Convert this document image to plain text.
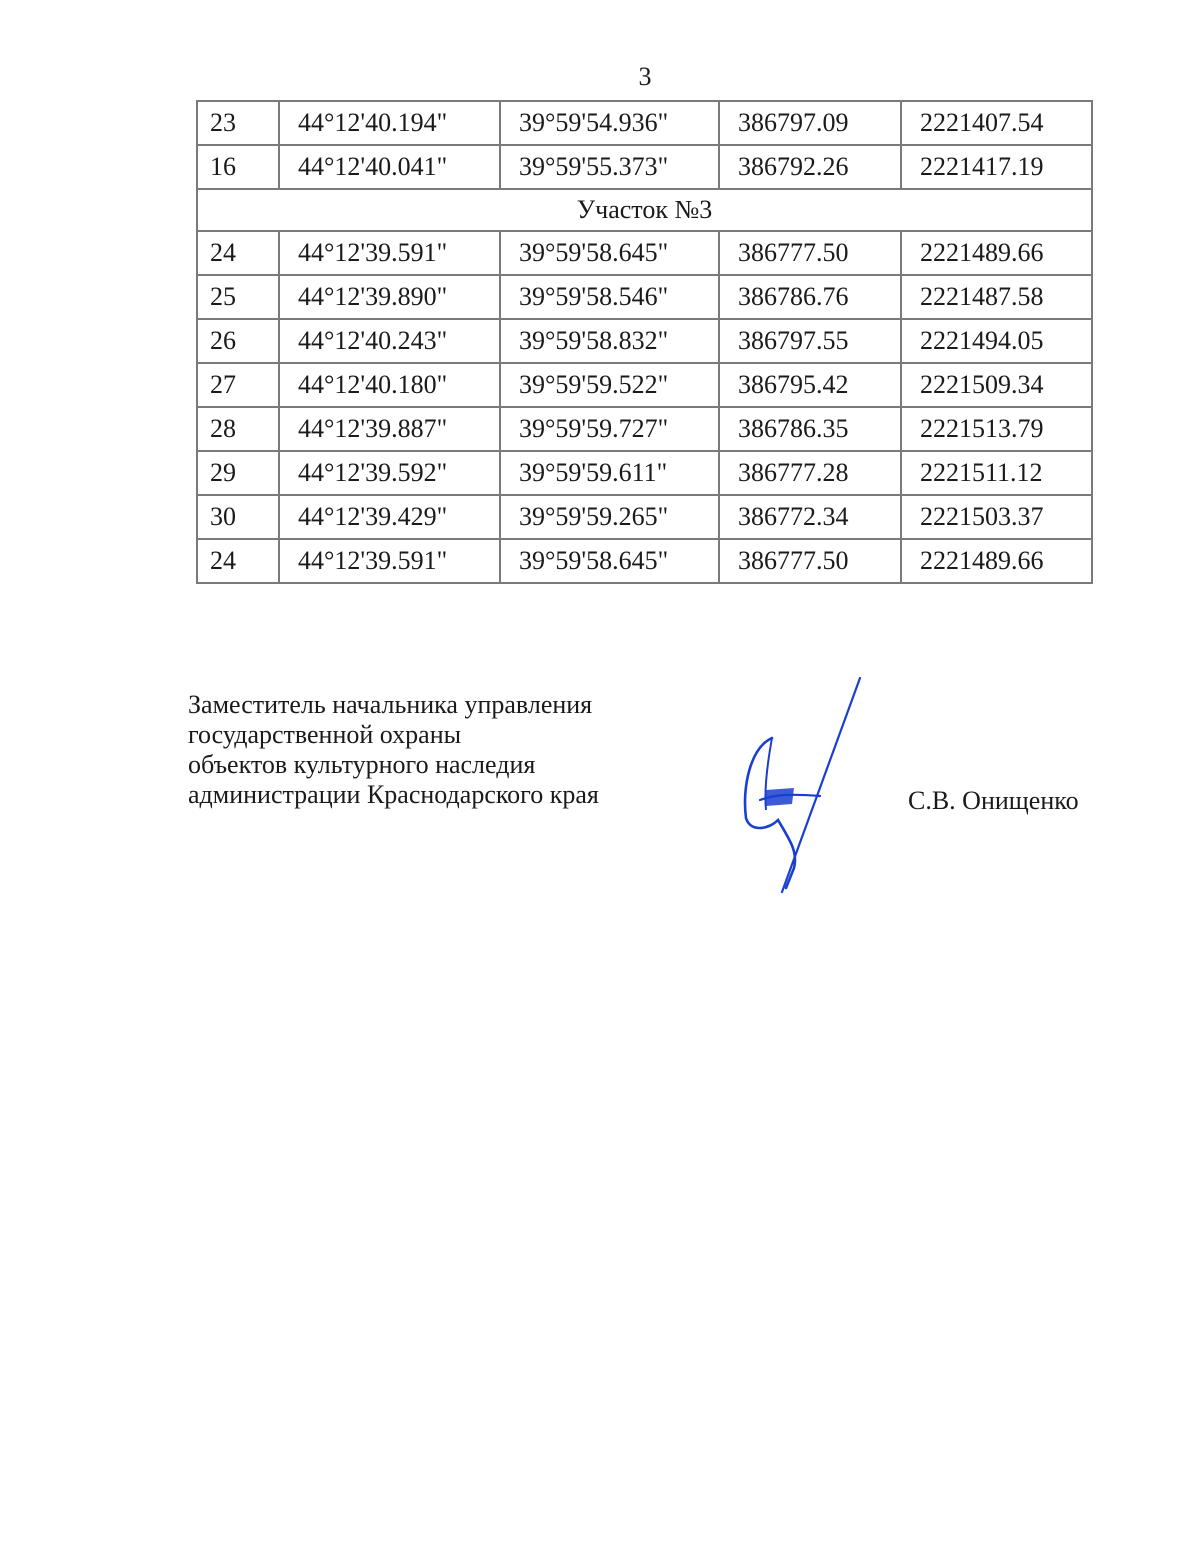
3
23	44°12'40.194"	39°59'54.936"	386797.09	2221407.54
16	44°12'40.041"	39°59'55.373"	386792.26	2221417.19
Участок №3				
24	44°12'39.591"	39°59'58.645"	386777.50	2221489.66
25	44°12'39.890"	39°59'58.546"	386786.76	2221487.58
26	44°12'40.243"	39°59'58.832"	386797.55	2221494.05
27	44°12'40.180"	39°59'59.522"	386795.42	2221509.34
28	44°12'39.887"	39°59'59.727"	386786.35	2221513.79
29	44°12'39.592"	39°59'59.611"	386777.28	2221511.12
30	44°12'39.429"	39°59'59.265"	386772.34	2221503.37
24	44°12'39.591"	39°59'58.645"	386777.50	2221489.66
Заместитель начальника управления
государственной охраны
объектов культурного наследия
администрации Краснодарского края	С.В. Онищенко
